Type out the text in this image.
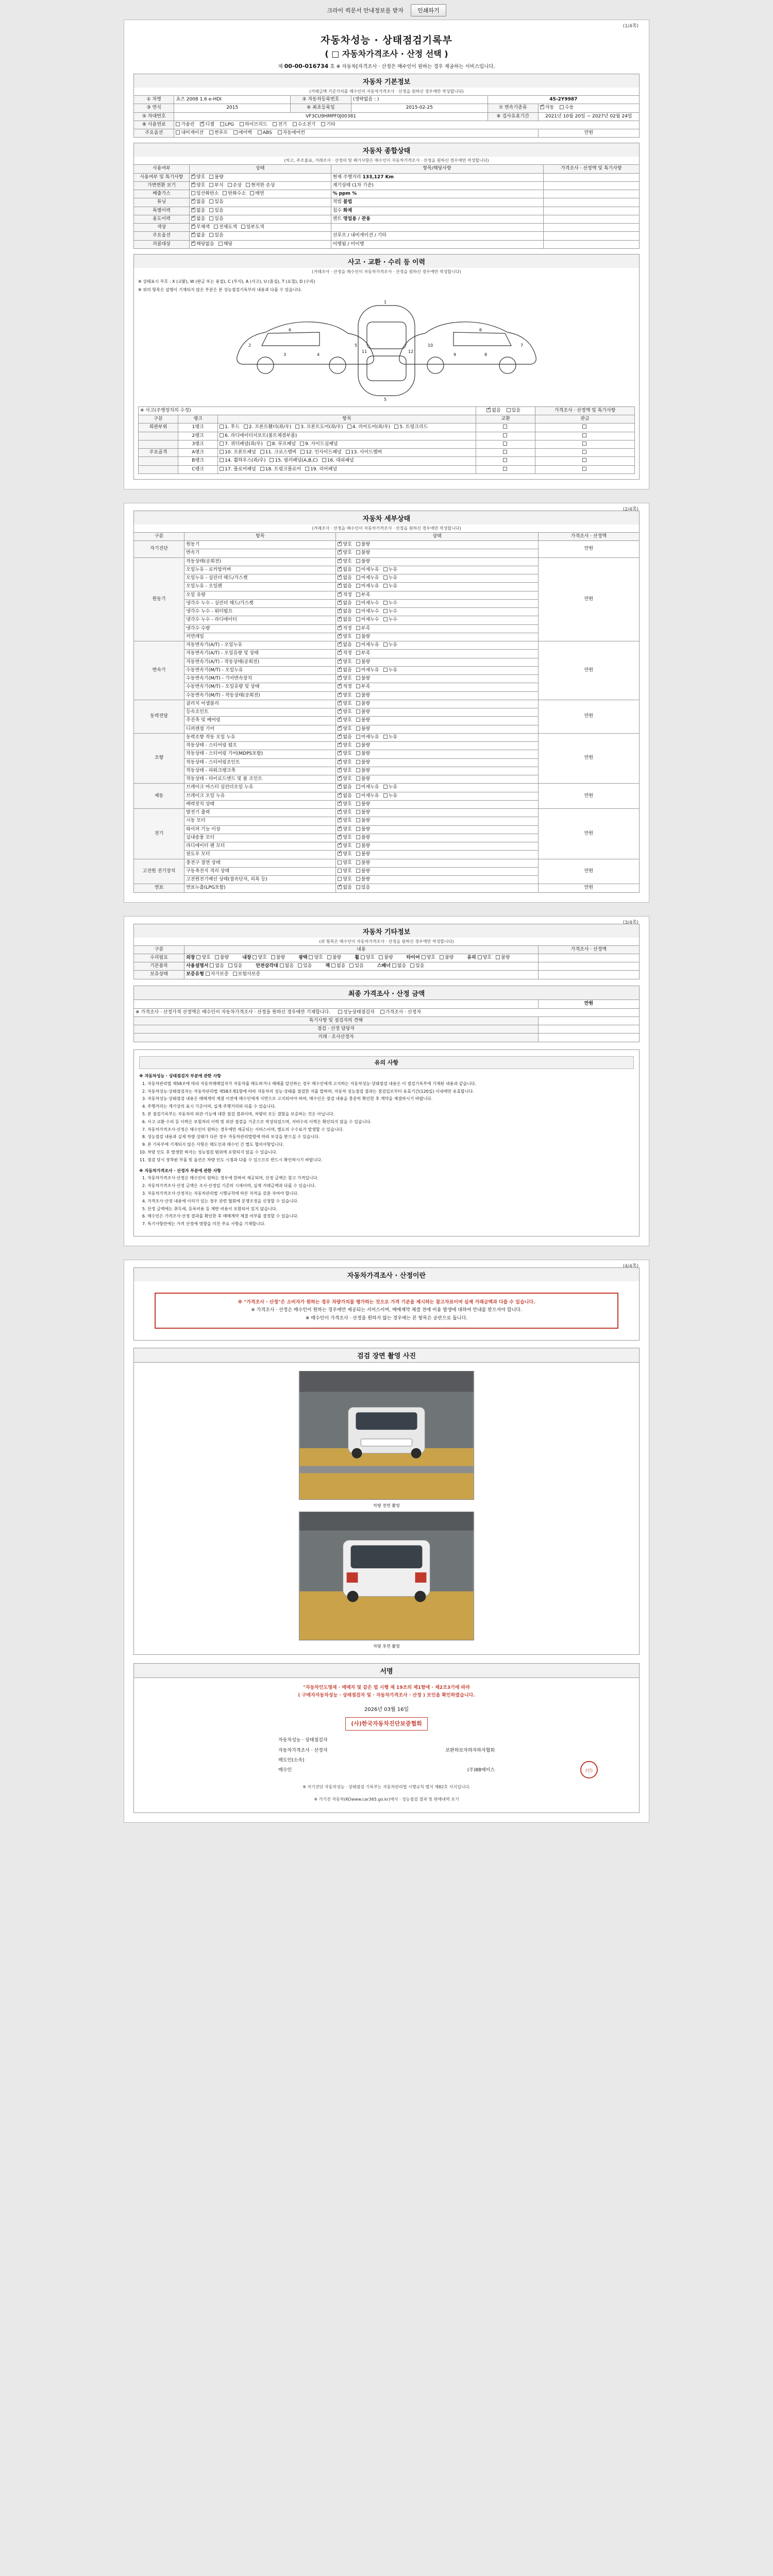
크라이 퀵문서 안내정보를 받자	인쇄하기
(1/4쪽)
자동차성능 · 상태점검기록부
( □ 자동차가격조사 · 산정 선택 )
제 00-00-016734 호 ※ 자동차[자격조사 · 산정은 매수인이 원하는 경우 제공하는 서비스입니다.
자동차 기본정보
(거래금액 기준가치를 매수인의 자동차가격조사 · 산정을 원하신 경우에만 작성합니다)
① 차명	쵸즈 2008 1.6 e-HDI	② 자동차등록번호	(생략없음 : )	45-2Y9987	
③ 연식	2015	④ 최초등록일	2015-02-25	⑦ 변속기종류	✓자동 수동
⑤ 차대번호	VF3CU9HMPF0J00381			⑥ 검사유효기간	2021년 10월 20일 ~ 2027년 02월 24일
⑧ 사용연료	가솔린 ✓ 디젤 LPG 하이브리드 전기 수소전기 기타
주요옵션	내비게이션 썬루프 에어백 ABS 자동에어컨				만원
자동차 종합상태
(차고, 주조율표, 거래조사 · 산정의 및 폐기사항은 매수인이 자동차가격조사 · 산정을 원하신 경우에만 작성합니다)
사용여부	상태	항목/해당사항	가격조사 · 산정액 및 특기사항
사용여부 및 특기사항	✓양호 불량	현재 주행거리 133,127 Km	
가변변환 보기	✓양호 부식 손상 현저한 손상	계기상태 (1차 기준)	
배출가스	일산화탄소 탄화수소 매연	% ppm %	
튜닝	✓없음 있음	적법 불법	
특별이력	✓없음 있음	침수 화재	
용도이력	✓없음 있음	렌트 영업용 / 관용	
색상	✓무채색 전체도색 일부도색		
주요옵션	✓없음 있음	선루프 / 내비게이션 / 기타	
리콜대상	✓해당없음 해당	이행됨 / 미이행	
사고 · 교환 · 수리 등 이력
(거래조사 · 산정을 매수인이 자동차가격조사 · 산정을 원하신 경우에만 작성합니다)
※ 상태표시 부호 : X (교환), W (판금 또는 용접), C (부식), A (사고), U (흠집), T (요철), D (수리)
※ 위의 항목은 설명이 기재되지 않은 부분은 본 성능점검기록부의 내용과 다를 수 있습니다.
2
3	4
5
1
5
11	12
7
8
9
10
6	6
※ 사고(주행장치의 수정)	✓없음 있음	가격조사 · 산정액 및 특기사항
구분	랭크	항목	교환	판금
외판부위	1랭크	1. 후드 2. 프론트휀더(좌/우) 3. 프론트도어(좌/우) 4. 리어도어(좌/우) 5. 트렁크리드		
	2랭크	6. 라디에이터서포트(볼트체결부품)		
	3랭크	7. 쿼터패널(좌/우) 8. 루프패널 9. 사이드실패널		
주요골격	A랭크	10. 프론트패널 11. 크로스멤버 12. 인사이드패널 13. 사이드멤버		
	B랭크	14. 휠하우스(좌/우) 15. 필러패널(A,B,C) 16. 대쉬패널		
	C랭크	17. 플로어패널 18. 트렁크플로어 19. 리어패널		
(2/4쪽)
자동차 세부상태
(거래조사 · 산정을 매수인이 자동차가격조사 · 산정을 원하신 경우에만 작성합니다)
구분	항목	상태	가격조사 · 산정액
자기진단	원동기	✓양호 불량	만원
	변속기	✓양호 불량
원동기	작동상태(공회전)	✓양호 불량	만원
	오일누유 - 로커암커버	✓없음 미세누유 누유
	오일누유 - 실린더 헤드/가스켓	✓없음 미세누유 누유
	오일누유 - 오일팬	✓없음 미세누유 누유
	오일 유량	✓적정 부족
	냉각수 누수 - 실린더 헤드/가스켓	✓없음 미세누수 누수
	냉각수 누수 - 워터펌프	✓없음 미세누수 누수
	냉각수 누수 - 라디에이터	✓없음 미세누수 누수
	냉각수 수량	✓적정 부족
	커먼레일	✓양호 불량
변속기	자동변속기(A/T) - 오일누유	✓없음 미세누유 누유	만원
	자동변속기(A/T) - 오일유량 및 상태	✓적정 부족
	자동변속기(A/T) - 작동상태(공회전)	✓양호 불량
	수동변속기(M/T) - 오일누유	✓없음 미세누유 누유
	수동변속기(M/T) - 기어변속장치	✓양호 불량
	수동변속기(M/T) - 오일유량 및 상태	✓적정 부족
	수동변속기(M/T) - 작동상태(공회전)	✓양호 불량
동력전달	클러치 어셈블리	✓양호 불량	만원
	등속조인트	✓양호 불량
	추진축 및 베어링	✓양호 불량
	디퍼렌셜 기어	✓양호 불량
조향	동력조향 작동 오일 누유	✓없음 미세누유 누유	만원
	작동상태 - 스티어링 펌프	✓양호 불량
	작동상태 - 스티어링 기어(MDPS포함)	✓양호 불량
	작동상태 - 스티어링조인트	✓양호 불량
	작동상태 - 파워크랭크축	✓양호 불량
	작동상태 - 타이로드엔드 및 볼 조인트	✓양호 불량
제동	브레이크 마스터 실린더오일 누유	✓없음 미세누유 누유	만원
	브레이크 오일 누유	✓없음 미세누유 누유
	배력장치 상태	✓양호 불량
전기	발전기 출력	✓양호 불량	만원
	시동 모터	✓양호 불량
	와이퍼 기능 이상	✓양호 불량
	실내송풍 모터	✓양호 불량
	라디에이터 팬 모터	✓양호 불량
	윈도우 모터	✓양호 불량
고전원 전기장치	충전구 절연 상태	양호 불량	만원
	구동축전지 격리 상태	양호 불량	
	고전원전기배선 상태(접속단자, 피복 등)	양호 불량	
연료	연료누출(LPG포함)	✓없음 있음	만원
(3/4쪽)
자동차 기타정보
(위 항목은 매수인이 자동차가격조사 · 산정을 원하신 경우에만 작성합니다)
구분	내용	가격조사 · 산정액
수리필요	외장 양호 불량 내장 양호 불량 광택 양호 불량 휠 양호 불량 타이어 양호 불량 유리 양호 불량	
기본품목	사용설명서 없음 있음 안전삼각대 없음 있음 잭 없음 있음 스패너 없음 있음	
보유상태	보증유형 자가보증 보험사보증	
최종 가격조사 · 산정 금액
	만원
※ 가격조사 · 산정가격 산정액은 매수인이 자동차가격조사 · 산정을 원하신 경우에만 기재합니다. 성능상태점검자 가격조사 · 산정자	
특기사항 및 점검자의 견해	
점검 · 산정 담당자	
거래 · 조사산정자	
유의 사항

※ 자동차성능 · 상태점검자 부분에 관한 사항

1. 자동차관리법 제58조에 따라 자동차매매업자가 자동차를 매도하거나 매매를 알선하는 경우 매수인에게 고지하는 자동차성능·상태점검 내용은 이 점검기록부에 기재된 내용과 같습니다.
2. 자동차성능·상태점검자는 자동차관리법 제58조제1항에 따라 자동차의 성능·상태를 점검한 자를 말하며, 자동차 성능점검 결과는 점검일로부터 유효기간(120일) 이내에만 유효합니다.
3. 자동차성능·상태점검 내용은 매매계약 체결 이전에 매수인에게 서면으로 고지되어야 하며, 매수인은 점검 내용을 충분히 확인한 후 계약을 체결하시기 바랍니다.
4. 주행거리는 계기상의 표시 기준이며, 실제 주행거리와 다를 수 있습니다.
5. 본 점검기록부는 자동차의 외관·기능에 대한 점검 결과이며, 차량의 모든 결함을 보증하는 것은 아닙니다.
6. 사고·교환·수리 등 이력은 보험처리 이력 및 외관 점검을 기준으로 작성되었으며, 자비수리 이력은 확인되지 않을 수 있습니다.
7. 자동차가격조사·산정은 매수인이 원하는 경우에만 제공되는 서비스이며, 별도의 수수료가 발생할 수 있습니다.
8. 성능점검 내용과 실제 차량 상태가 다른 경우 자동차관리법령에 따라 보상을 받으실 수 있습니다.
9. 본 기록부에 기재되지 않은 사항은 매도인과 매수인 간 별도 협의사항입니다.
10. 차량 인도 후 발생한 하자는 성능점검 범위에 포함되지 않을 수 있습니다.
11. 점검 당시 장착된 부품 및 옵션은 차량 인도 시점과 다를 수 있으므로 반드시 확인하시기 바랍니다.

※ 자동차가격조사 · 산정자 부분에 관한 사항

1. 자동차가격조사·산정은 매수인이 원하는 경우에 한하여 제공되며, 산정 금액은 참고 가격입니다.
2. 자동차가격조사·산정 금액은 조사·산정일 기준의 시세이며, 실제 거래금액과 다를 수 있습니다.
3. 자동차가격조사·산정자는 자동차관리법 시행규칙에 따른 자격을 갖춘 자여야 합니다.
4. 가격조사·산정 내용에 이의가 있는 경우 관련 협회에 분쟁조정을 신청할 수 있습니다.
5. 산정 금액에는 취득세, 등록비용 등 제반 비용이 포함되어 있지 않습니다.
6. 매수인은 가격조사·산정 결과를 확인한 후 매매계약 체결 여부를 결정할 수 있습니다.
7. 특기사항란에는 가격 산정에 영향을 미친 주요 사항을 기재합니다.
(4/4쪽)
자동차가격조사 · 산정이란
※ "가격조사 · 산정"은 소비자가 원하는 경우 차량가치를 평가하는 것으로 가격 기준을 제시하는 참고자료이며 실제 거래금액과 다를 수 있습니다.
※ 가격조사 · 산정은 매수인이 원하는 경우에만 제공되는 서비스이며, 매매계약 체결 전에 비용 발생에 대하여 안내를 받으셔야 합니다.
※ 매수인이 가격조사 · 산정을 원하지 않는 경우에는 본 항목은 공란으로 둡니다.
검검 장면 촬영 사진
차량 전면 촬영
차량 후면 촬영
서명
"자동차인도명세 · 매매자 및 같은 법 시행 제 19조의 제1항에 · 제2조3기에 따라
( 구매자자동차성능 · 상태점검자 및 · 자동차가격조사 · 산정 ) 보인을 확인하였습니다.
2026년 03월 16일
(사)한국자동차진단보증협회
자동차성능 · 상태점검자
자동차가격조사 · 산정자	보완하보자하자하자협회
매도인(소속)
매수인	(주)88에이스	(인)
※ 자기진단 자동차성능 · 상태점검 기록부는 자동차관리법 시행규칙 별지 제82호 서식입니다.
※ 가기진 자동차(KOwww.car365.go.kr)에서 · 성능점검 결과 및 판매내역 보기
